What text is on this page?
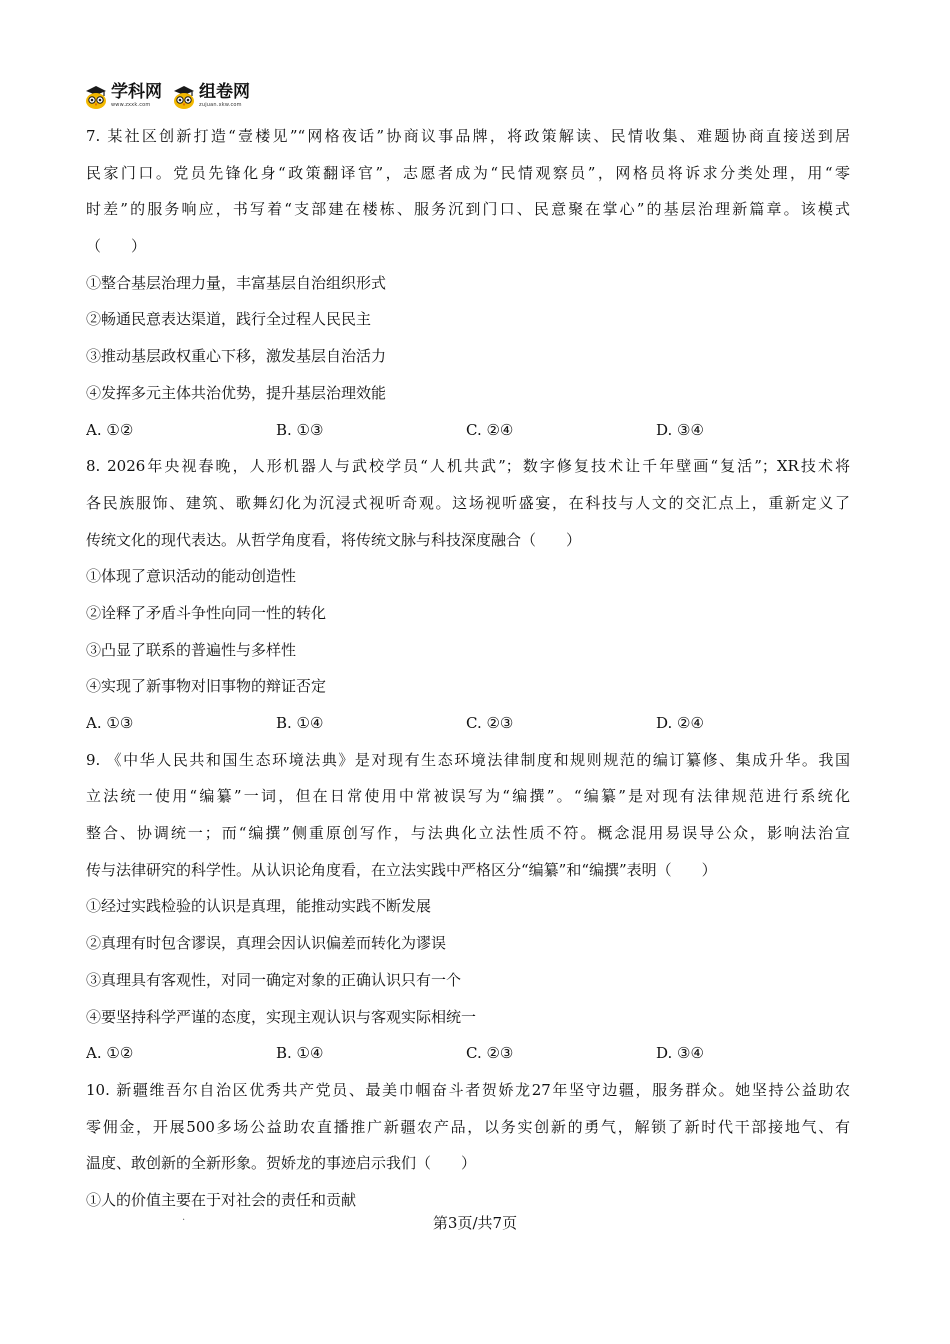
学科网
www.zxxk.com
组卷网
zujuan.xkw.com
7. 某社区创新打造“壹楼见”“网格夜话”协商议事品牌，将政策解读、民情收集、难题协商直接送到居
民家门口。党员先锋化身“政策翻译官”，志愿者成为“民情观察员”，网格员将诉求分类处理，用“零
时差”的服务响应，书写着“支部建在楼栋、服务沉到门口、民意聚在掌心”的基层治理新篇章。该模式
（　　）
①整合基层治理力量，丰富基层自治组织形式
②畅通民意表达渠道，践行全过程人民民主
③推动基层政权重心下移，激发基层自治活力
④发挥多元主体共治优势，提升基层治理效能
A. ①②	B. ①③	C. ②④	D. ③④
8. 2026年央视春晚，人形机器人与武校学员“人机共武”；数字修复技术让千年壁画“复活”；XR技术将
各民族服饰、建筑、歌舞幻化为沉浸式视听奇观。这场视听盛宴，在科技与人文的交汇点上，重新定义了
传统文化的现代表达。从哲学角度看，将传统文脉与科技深度融合（　　）
①体现了意识活动的能动创造性
②诠释了矛盾斗争性向同一性的转化
③凸显了联系的普遍性与多样性
④实现了新事物对旧事物的辩证否定
A. ①③	B. ①④	C. ②③	D. ②④
9. 《中华人民共和国生态环境法典》是对现有生态环境法律制度和规则规范的编订纂修、集成升华。我国
立法统一使用“编纂”一词，但在日常使用中常被误写为“编撰”。“编纂”是对现有法律规范进行系统化
整合、协调统一；而“编撰”侧重原创写作，与法典化立法性质不符。概念混用易误导公众，影响法治宣
传与法律研究的科学性。从认识论角度看，在立法实践中严格区分“编纂”和“编撰”表明（　　）
①经过实践检验的认识是真理，能推动实践不断发展
②真理有时包含谬误，真理会因认识偏差而转化为谬误
③真理具有客观性，对同一确定对象的正确认识只有一个
④要坚持科学严谨的态度，实现主观认识与客观实际相统一
A. ①②	B. ①④	C. ②③	D. ③④
10. 新疆维吾尔自治区优秀共产党员、最美巾帼奋斗者贺娇龙27年坚守边疆，服务群众。她坚持公益助农
零佣金，开展500多场公益助农直播推广新疆农产品，以务实创新的勇气，解锁了新时代干部接地气、有
温度、敢创新的全新形象。贺娇龙的事迹启示我们（　　）
①人的价值主要在于对社会的责任和贡献
.	第3页/共7页
